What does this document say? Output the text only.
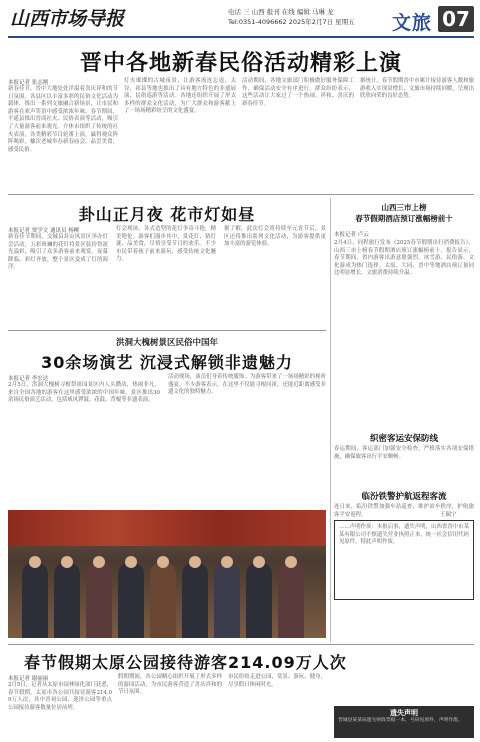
山西市场导报	电话 三 山西 报刊 在线 编辑 马琳 龙
Tel:0351-4096662 2025年2月7日 星期五 文旅 07
晋中各地新春民俗活动精彩上演
本报记者 张志刚
新春佳节，晋中大地处处洋溢着喜庆祥和的节日氛围。各县区以丰富多彩的民俗文化活动为载体，推出一系列文旅融合新场景，让市民和游客在欢声笑语中感受浓浓年味。春节期间，平遥县推出晋商社火、民俗表演等活动，吸引了大量游客前来观光。介休市组织了传统的社火表演，各类精彩节目轮番上演，赢得观众阵阵喝彩。榆次老城举办新春庙会，品尝美食，感受民俗。
灯火璀璨的古城夜景，让游客流连忘返。太谷、祁县等地也推出了具有地方特色的非遗展演、民俗巡游等活动。各地还组织开展了形式多样的群众文化活动，为广大群众和游客献上了一场场精彩纷呈的文化盛宴。
活动期间，各地文旅部门积极做好服务保障工作，确保活动安全有序进行。群众纷纷表示，这些活动让大家过了一个热闹、祥和、喜庆的新春佳节。
据统计，春节假期晋中市累计接待游客人数和旅游收入实现双增长，文旅市场持续回暖，呈现出欣欣向荣的良好态势。
卦山正月夜 花市灯如昼
本报记者 贾学文 通讯员 杨柳
新春佳节期间，交城县卦山风景区举办灯会活动，五彩斑斓的花灯将景区装扮得流光溢彩，吸引了众多游客前来观赏。夜幕降临，彩灯齐放，整个景区变成了灯的海洋。
灯会现场，各式造型的花灯争奇斗艳，精美绝伦。游客们漫步其中，赏花灯、猜灯谜、品美食，尽情享受节日的欢乐。不少市民带着孩子前来游玩，感受传统文化魅力。
据了解，此次灯会将持续至元宵节后，景区还将推出系列文化活动，为游客提供更加丰富的游览体验。
洪洞大槐树景区民俗中国年
30余场演艺 沉浸式解锁非遗魅力
本报记者 李宏达
2月5日，洪洞大槐树寻根祭祖园景区内人头攒动，热闹非凡。来自全国各地的游客在这里感受浓浓的中国年味。景区推出30余场民俗演艺活动，包括威风锣鼓、花鼓、背棍等非遗表演。
活动现场，演员们身着传统服饰，为游客带来了一场场精彩的视听盛宴。不少游客表示，在这里不仅能寻根问祖，还能近距离感受非遗文化的独特魅力。
春节假期太原公园接待游客214.09万人次
本报记者 谢丽丽
2月5日，记者从太原市园林绿化部门获悉，春节假期，太原市各公园共接待游客214.09万人次，其中晋祠公园、迎泽公园等重点公园接待游客数量位居前列。
假期期间，各公园精心组织开展了形式多样的游园活动，为市民游客营造了喜庆祥和的节日氛围。
市民纷纷走进公园，赏景、游玩、健身，尽享假日休闲时光。
山西三市上榜
春节假期酒店预订涨幅榜前十
本报记者 卢云
2月4日，同程旅行发布《2025春节假期出行消费报告》，山西三市上榜春节假期酒店预订涨幅榜前十。报告显示，春节期间，省内游客出游意愿强烈，冰雪游、民俗游、文化游成为热门选择。太原、大同、晋中等地酒店预订量同比明显增长，文旅消费持续升温。
织密客运安保防线
春运期间，客运部门加强安全检查，严格落实各项安保措施，确保旅客出行平安顺畅。
临汾铁警护航返程客流
连日来，临汾铁警加强车站巡查，维护站车秩序，护航旅客平安返程。	王瑞宁
……声明作废：本报启事，遗失声明，山西省晋中市某某有限公司不慎遗失营业执照正本，统一社会信用代码见原件，特此声明作废。
遗失声明
晋城县某某局遗失财政票据一本，号码见原件，声明作废。
